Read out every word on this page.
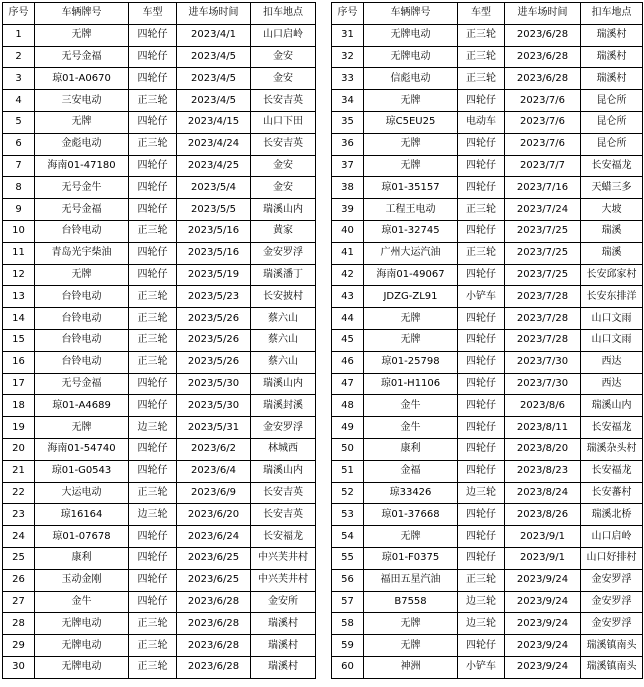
序号	车辆牌号	车型	进车场时间	扣车地点
1	无牌	四轮仔	2023/4/1	山口启岭
2	无号金福	四轮仔	2023/4/5	金安
3	琼01-A0670	四轮仔	2023/4/5	金安
4	三安电动	正三轮	2023/4/5	长安吉英
5	无牌	四轮仔	2023/4/15	山口下田
6	金彪电动	正三轮	2023/4/24	长安吉英
7	海南01-47180	四轮仔	2023/4/25	金安
8	无号金牛	四轮仔	2023/5/4	金安
9	无号金福	四轮仔	2023/5/5	瑞溪山内
10	台铃电动	正三轮	2023/5/16	黄家
11	青岛光宇柴油	四轮仔	2023/5/16	金安罗浮
12	无牌	四轮仔	2023/5/19	瑞溪潘丁
13	台铃电动	正三轮	2023/5/23	长安披村
14	台铃电动	正三轮	2023/5/26	蔡六山
15	台铃电动	正三轮	2023/5/26	蔡六山
16	台铃电动	正三轮	2023/5/26	蔡六山
17	无号金福	四轮仔	2023/5/30	瑞溪山内
18	琼01-A4689	四轮仔	2023/5/30	瑞溪封溪
19	无牌	边三轮	2023/5/31	金安罗浮
20	海南01-54740	四轮仔	2023/6/2	林城西
21	琼01-G0543	四轮仔	2023/6/4	瑞溪山内
22	大运电动	正三轮	2023/6/9	长安吉英
23	琼16164	边三轮	2023/6/20	长安吉英
24	琼01-07678	四轮仔	2023/6/24	长安福龙
25	康利	四轮仔	2023/6/25	中兴芙井村
26	玉动金刚	四轮仔	2023/6/25	中兴芙井村
27	金牛	四轮仔	2023/6/28	金安所
28	无牌电动	正三轮	2023/6/28	瑞溪村
29	无牌电动	正三轮	2023/6/28	瑞溪村
30	无牌电动	正三轮	2023/6/28	瑞溪村
序号	车辆牌号	车型	进车场时间	扣车地点
31	无牌电动	正三轮	2023/6/28	瑞溪村
32	无牌电动	正三轮	2023/6/28	瑞溪村
33	信彪电动	正三轮	2023/6/28	瑞溪村
34	无牌	四轮仔	2023/7/6	昆仑所
35	琼C5EU25	电动车	2023/7/6	昆仑所
36	无牌	四轮仔	2023/7/6	昆仑所
37	无牌	四轮仔	2023/7/7	长安福龙
38	琼01-35157	四轮仔	2023/7/16	天蜡三多
39	工程王电动	正三轮	2023/7/24	大坡
40	琼01-32745	四轮仔	2023/7/25	瑞溪
41	广州大运汽油	正三轮	2023/7/25	瑞溪
42	海南01-49067	四轮仔	2023/7/25	长安邱家村
43	JDZG-ZL91	小铲车	2023/7/28	长安东排洋
44	无牌	四轮仔	2023/7/28	山口文雨
45	无牌	四轮仔	2023/7/28	山口文雨
46	琼01-25798	四轮仔	2023/7/30	西达
47	琼01-H1106	四轮仔	2023/7/30	西达
48	金牛	四轮仔	2023/8/6	瑞溪山内
49	金牛	四轮仔	2023/8/11	长安福龙
50	康利	四轮仔	2023/8/20	瑞溪杂头村
51	金福	四轮仔	2023/8/23	长安福龙
52	琼33426	边三轮	2023/8/24	长安蕃村
53	琼01-37668	四轮仔	2023/8/26	瑞溪北桥
54	无牌	四轮仔	2023/9/1	山口启岭
55	琼01-F0375	四轮仔	2023/9/1	山口好排村
56	福田五星汽油	正三轮	2023/9/24	金安罗浮
57	B7558	边三轮	2023/9/24	金安罗浮
58	无牌	边三轮	2023/9/24	金安罗浮
59	无牌	四轮仔	2023/9/24	瑞溪镇南头
60	神洲	小铲车	2023/9/24	瑞溪镇南头
